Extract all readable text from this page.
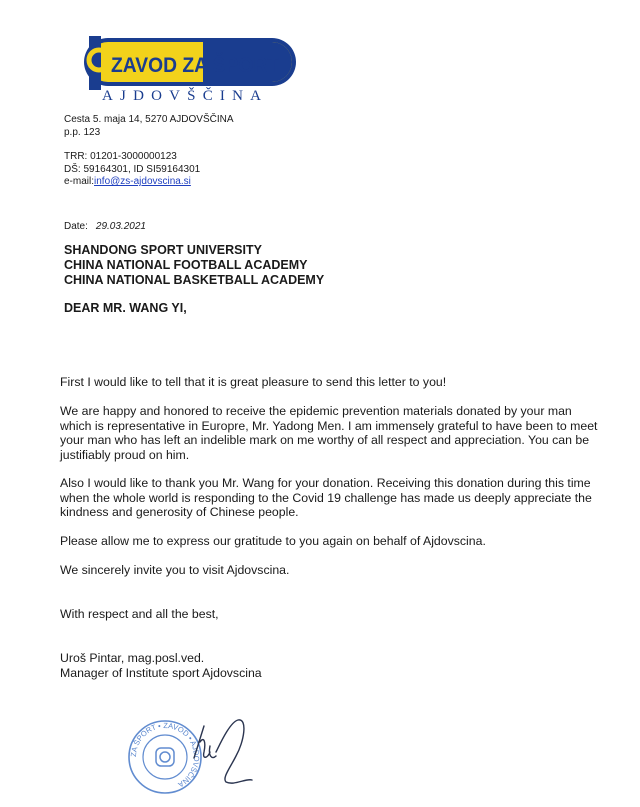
ZAVOD ZA ŠPORT
AJDOVŠČINA
Cesta 5. maja 14, 5270 AJDOVŠČINA
p.p. 123
TRR: 01201-3000000123
DŠ: 59164301, ID SI59164301
e-mail:info@zs-ajdovscina.si
Date: 29.03.2021
SHANDONG SPORT UNIVERSITY
CHINA NATIONAL FOOTBALL ACADEMY
CHINA NATIONAL BASKETBALL ACADEMY
DEAR MR. WANG YI,
First I would like to tell that it is great pleasure to send this letter to you!
We are happy and honored to receive the epidemic prevention materials donated by your man which is representative in Europre, Mr. Yadong Men. I am immensely grateful to have been to meet your man who has left an indelible mark on me worthy of all respect and appreciation. You can be justifiably proud on him.
Also I would like to thank you Mr. Wang for your donation. Receiving this donation during this time when the whole world is responding to the Covid 19 challenge has made us deeply appreciate the kindness and generosity of Chinese people.
Please allow me to express our gratitude to you again on behalf of Ajdovscina.
We sincerely invite you to visit Ajdovscina.
With respect and all the best,
Uroš Pintar, mag.posl.ved.
Manager of Institute sport Ajdovscina
ZA ŠPORT • ZAVOD • AJDOVŠČINA
